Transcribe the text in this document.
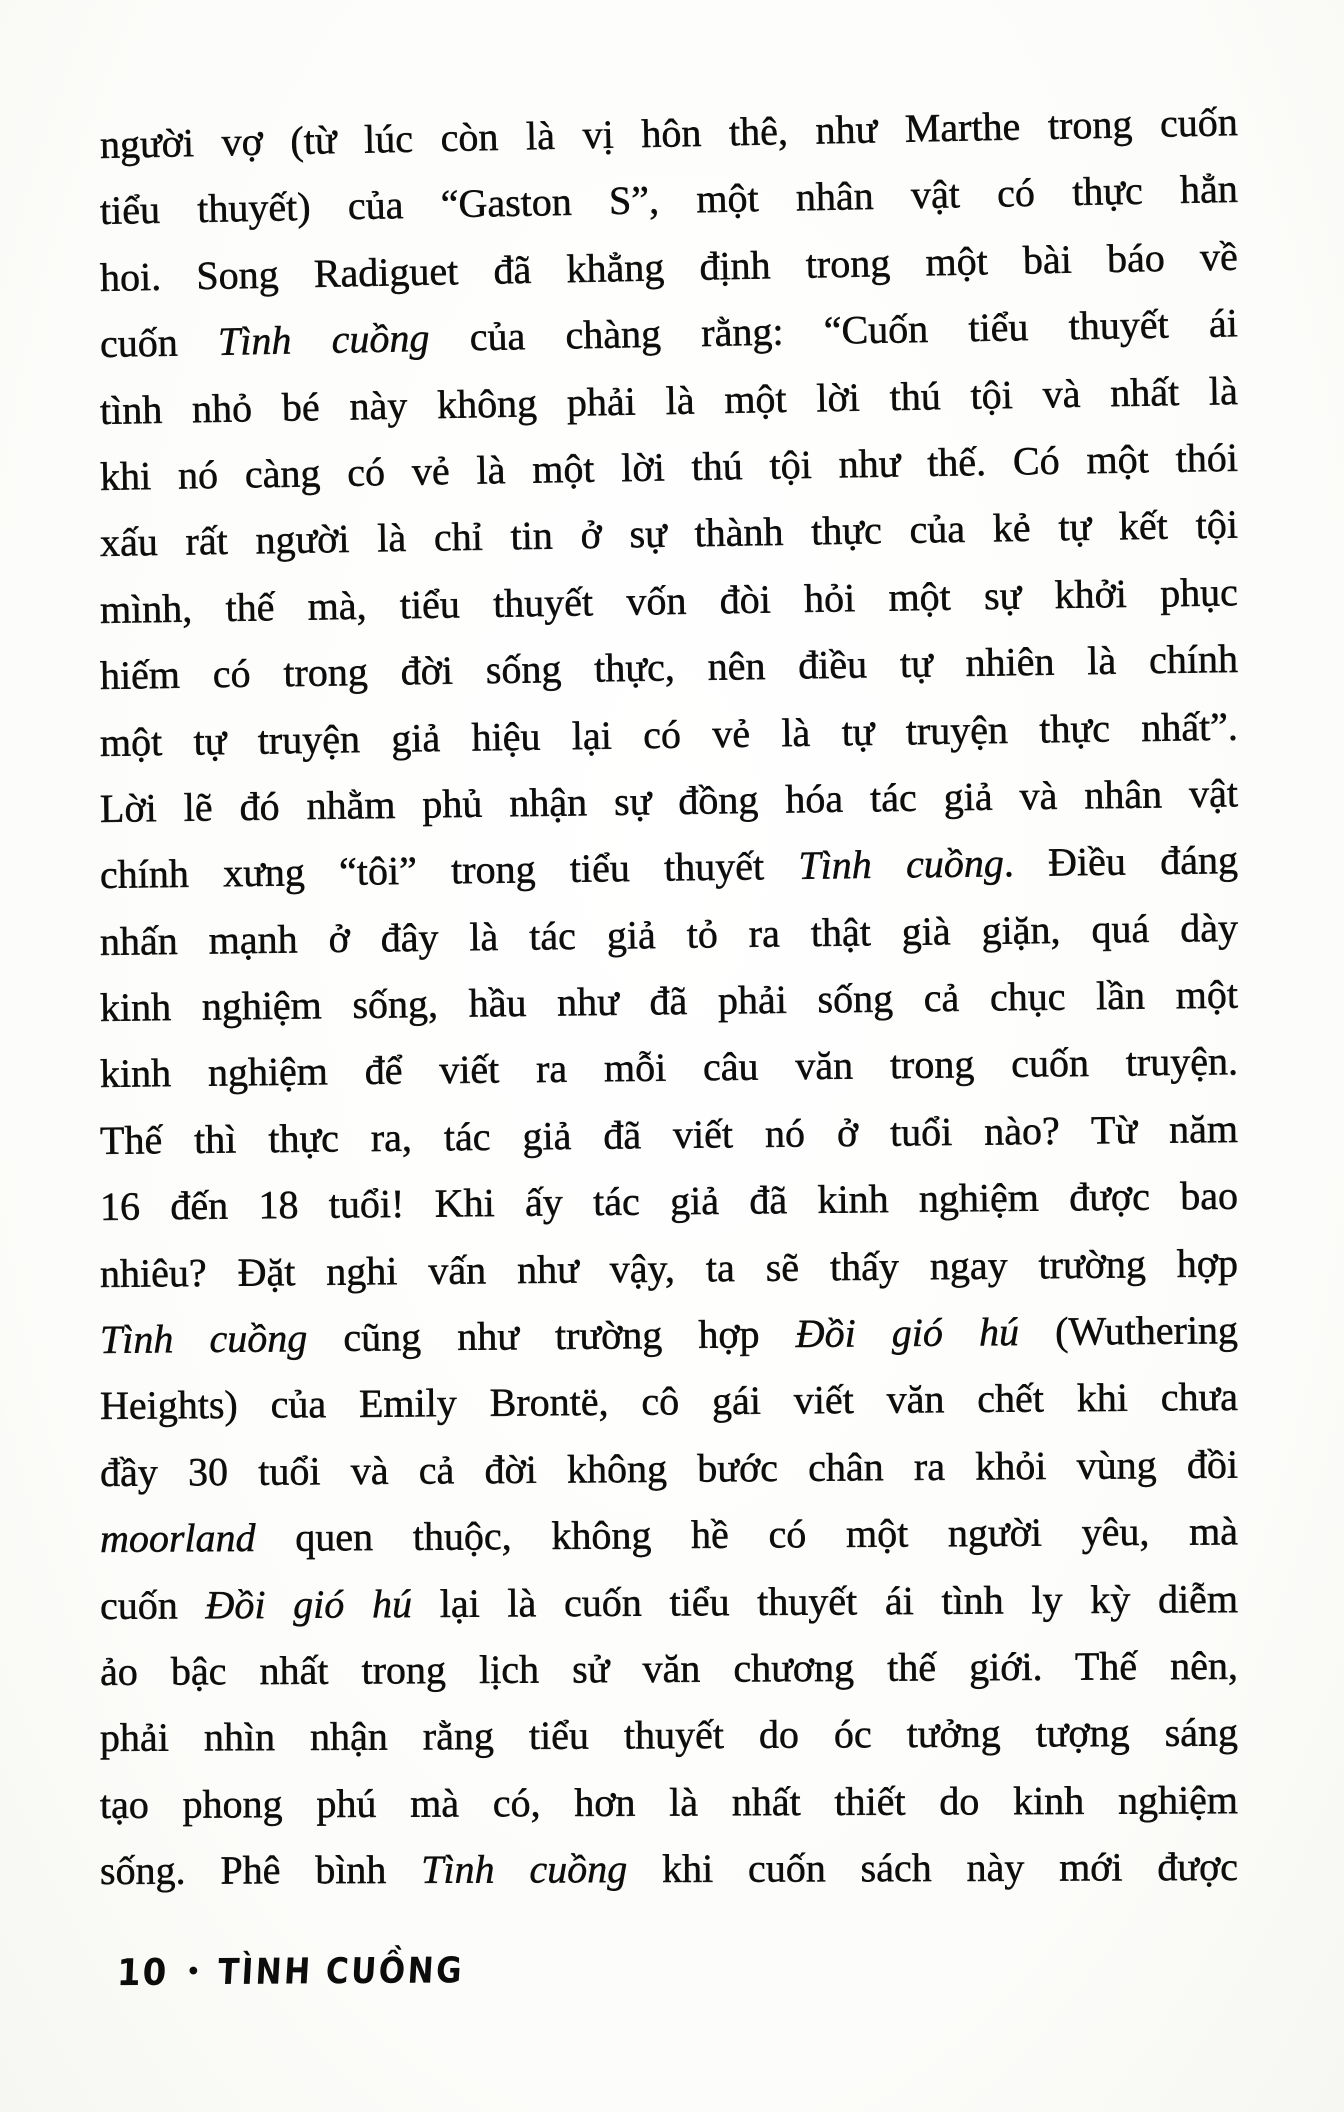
người vợ (từ lúc còn là vị hôn thê, như Marthe trong cuốn
tiểu thuyết) của “Gaston S”, một nhân vật có thực hẳn
hoi. Song Radiguet đã khẳng định trong một bài báo về
cuốn Tình cuồng của chàng rằng: “Cuốn tiểu thuyết ái
tình nhỏ bé này không phải là một lời thú tội và nhất là
khi nó càng có vẻ là một lời thú tội như thế. Có một thói
xấu rất người là chỉ tin ở sự thành thực của kẻ tự kết tội
mình, thế mà, tiểu thuyết vốn đòi hỏi một sự khởi phục
hiếm có trong đời sống thực, nên điều tự nhiên là chính
một tự truyện giả hiệu lại có vẻ là tự truyện thực nhất”.
Lời lẽ đó nhằm phủ nhận sự đồng hóa tác giả và nhân vật
chính xưng “tôi” trong tiểu thuyết Tình cuồng. Điều đáng
nhấn mạnh ở đây là tác giả tỏ ra thật già giặn, quá dày
kinh nghiệm sống, hầu như đã phải sống cả chục lần một
kinh nghiệm để viết ra mỗi câu văn trong cuốn truyện.
Thế thì thực ra, tác giả đã viết nó ở tuổi nào? Từ năm
16 đến 18 tuổi! Khi ấy tác giả đã kinh nghiệm được bao
nhiêu? Đặt nghi vấn như vậy, ta sẽ thấy ngay trường hợp
Tình cuồng cũng như trường hợp Đồi gió hú (Wuthering
Heights) của Emily Brontë, cô gái viết văn chết khi chưa
đầy 30 tuổi và cả đời không bước chân ra khỏi vùng đồi
moorland quen thuộc, không hề có một người yêu, mà
cuốn Đồi gió hú lại là cuốn tiểu thuyết ái tình ly kỳ diễm
ảo bậc nhất trong lịch sử văn chương thế giới. Thế nên,
phải nhìn nhận rằng tiểu thuyết do óc tưởng tượng sáng
tạo phong phú mà có, hơn là nhất thiết do kinh nghiệm
sống. Phê bình Tình cuồng khi cuốn sách này mới được
10 • TÌNH CUỒNG
